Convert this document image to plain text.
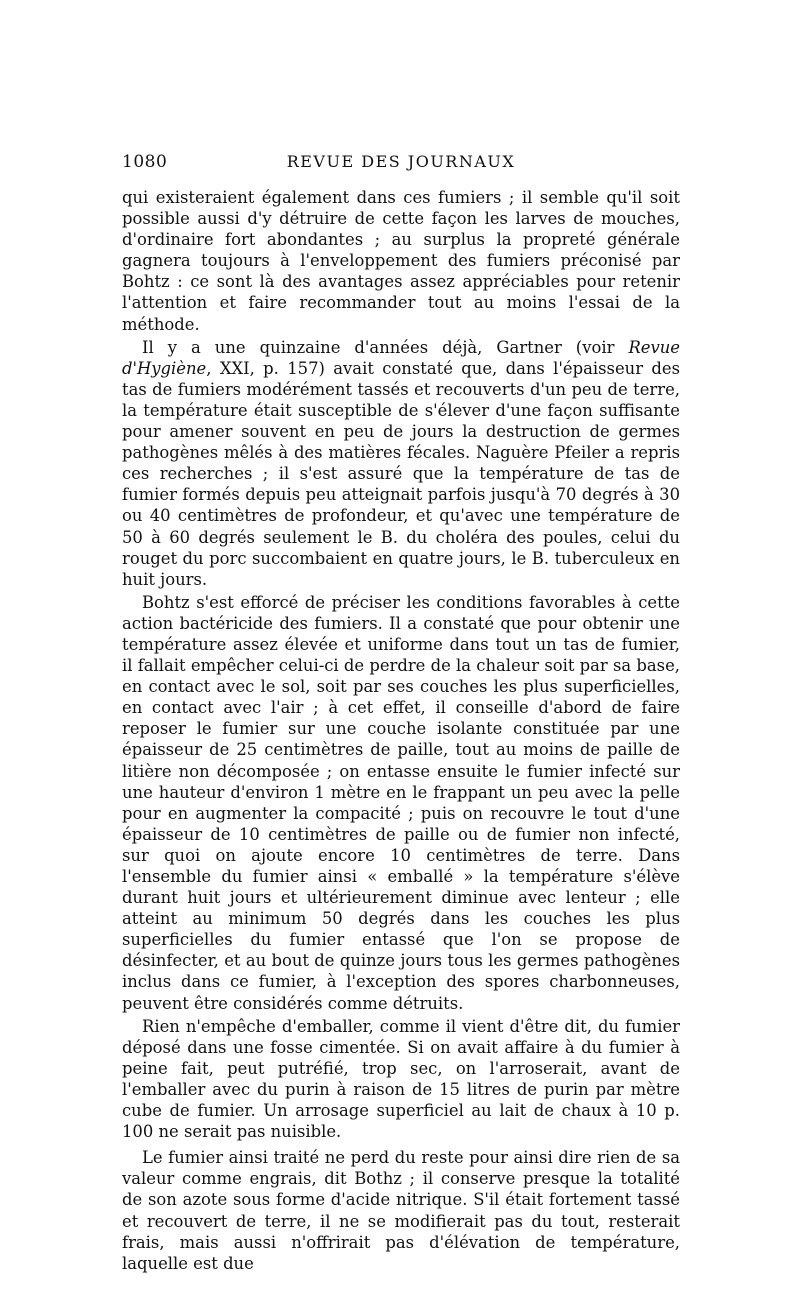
1080	REVUE DES JOURNAUX

qui existeraient également dans ces fumiers ; il semble qu'il soit possible aussi d'y détruire de cette façon les larves de mouches, d'ordinaire fort abondantes ; au surplus la propreté générale gagnera toujours à l'enveloppement des fumiers préconisé par Bohtz : ce sont là des avantages assez appréciables pour retenir l'attention et faire recommander tout au moins l'essai de la méthode.

Il y a une quinzaine d'années déjà, Gartner (voir Revue d'Hygiène, XXI, p. 157) avait constaté que, dans l'épaisseur des tas de fumiers modérément tassés et recouverts d'un peu de terre, la température était susceptible de s'élever d'une façon suffisante pour amener souvent en peu de jours la destruction de germes pathogènes mêlés à des matières fécales. Naguère Pfeiler a repris ces recherches ; il s'est assuré que la température de tas de fumier formés depuis peu atteignait parfois jusqu'à 70 degrés à 30 ou 40 centimètres de profondeur, et qu'avec une température de 50 à 60 degrés seulement le B. du choléra des poules, celui du rouget du porc succombaient en quatre jours, le B. tuberculeux en huit jours.

Bohtz s'est efforcé de préciser les conditions favorables à cette action bactéricide des fumiers. Il a constaté que pour obtenir une température assez élevée et uniforme dans tout un tas de fumier, il fallait empêcher celui-ci de perdre de la chaleur soit par sa base, en contact avec le sol, soit par ses couches les plus superficielles, en contact avec l'air ; à cet effet, il conseille d'abord de faire reposer le fumier sur une couche isolante constituée par une épaisseur de 25 centimètres de paille, tout au moins de paille de litière non décomposée ; on entasse ensuite le fumier infecté sur une hauteur d'environ 1 mètre en le frappant un peu avec la pelle pour en augmenter la compacité ; puis on recouvre le tout d'une épaisseur de 10 centimètres de paille ou de fumier non infecté, sur quoi on ajoute encore 10 centimètres de terre. Dans l'ensemble du fumier ainsi « emballé » la température s'élève durant huit jours et ultérieurement diminue avec lenteur ; elle atteint au minimum 50 degrés dans les couches les plus superficielles du fumier entassé que l'on se propose de désinfecter, et au bout de quinze jours tous les germes pathogènes inclus dans ce fumier, à l'exception des spores charbonneuses, peuvent être considérés comme détruits.

Rien n'empêche d'emballer, comme il vient d'être dit, du fumier déposé dans une fosse cimentée. Si on avait affaire à du fumier à peine fait, peut putréfié, trop sec, on l'arroserait, avant de l'emballer avec du purin à raison de 15 litres de purin par mètre cube de fumier. Un arrosage superficiel au lait de chaux à 10 p. 100 ne serait pas nuisible.

Le fumier ainsi traité ne perd du reste pour ainsi dire rien de sa valeur comme engrais, dit Bothz ; il conserve presque la totalité de son azote sous forme d'acide nitrique. S'il était fortement tassé et recouvert de terre, il ne se modifierait pas du tout, resterait frais, mais aussi n'offrirait pas d'élévation de température, laquelle est due
